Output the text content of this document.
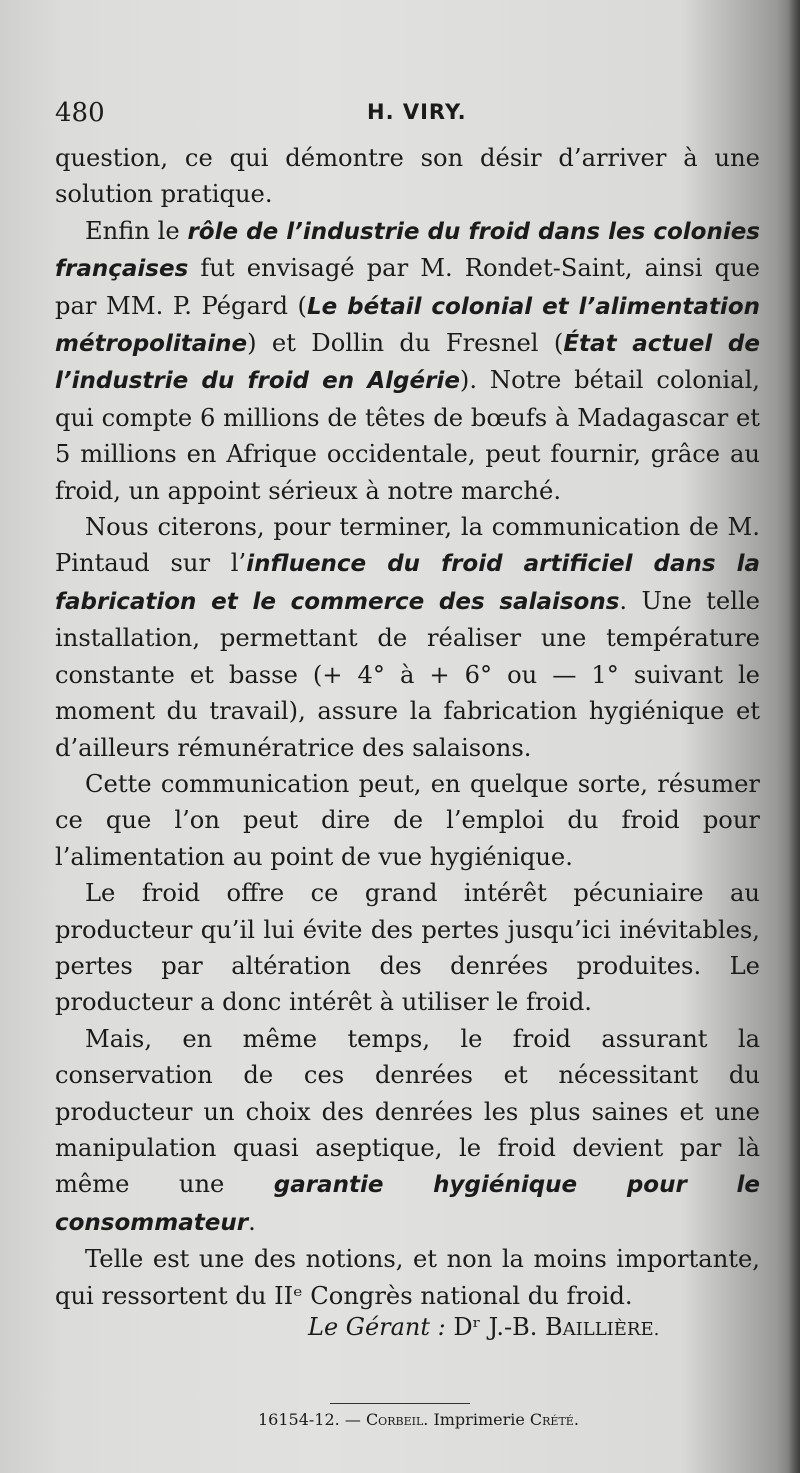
480	H. VIRY.

question, ce qui démontre son désir d’arriver à une solution pratique.

Enfin le rôle de l’industrie du froid dans les colonies françaises fut envisagé par M. Rondet-Saint, ainsi que par MM. P. Pégard (Le bétail colonial et l’alimentation métropolitaine) et Dollin du Fresnel (État actuel de l’industrie du froid en Algérie). Notre bétail colonial, qui compte 6 millions de têtes de bœufs à Madagascar et 5 millions en Afrique occidentale, peut fournir, grâce au froid, un appoint sérieux à notre marché.

Nous citerons, pour terminer, la communication de M. Pintaud sur l’influence du froid artificiel dans la fabrication et le commerce des salaisons. Une telle installation, permettant de réaliser une température constante et basse (+ 4° à + 6° ou — 1° suivant le moment du travail), assure la fabrication hygiénique et d’ailleurs rémunératrice des salaisons.

Cette communication peut, en quelque sorte, résumer ce que l’on peut dire de l’emploi du froid pour l’alimentation au point de vue hygiénique.

Le froid offre ce grand intérêt pécuniaire au producteur qu’il lui évite des pertes jusqu’ici inévitables, pertes par altération des denrées produites. Le producteur a donc intérêt à utiliser le froid.

Mais, en même temps, le froid assurant la conservation de ces denrées et nécessitant du producteur un choix des denrées les plus saines et une manipulation quasi aseptique, le froid devient par là même une garantie hygiénique pour le consommateur.

Telle est une des notions, et non la moins importante, qui ressortent du IIᵉ Congrès national du froid.

Le Gérant : Dʳ J.-B. BAILLIÈRE.
16154-12. — Corbeil. Imprimerie Crété.
